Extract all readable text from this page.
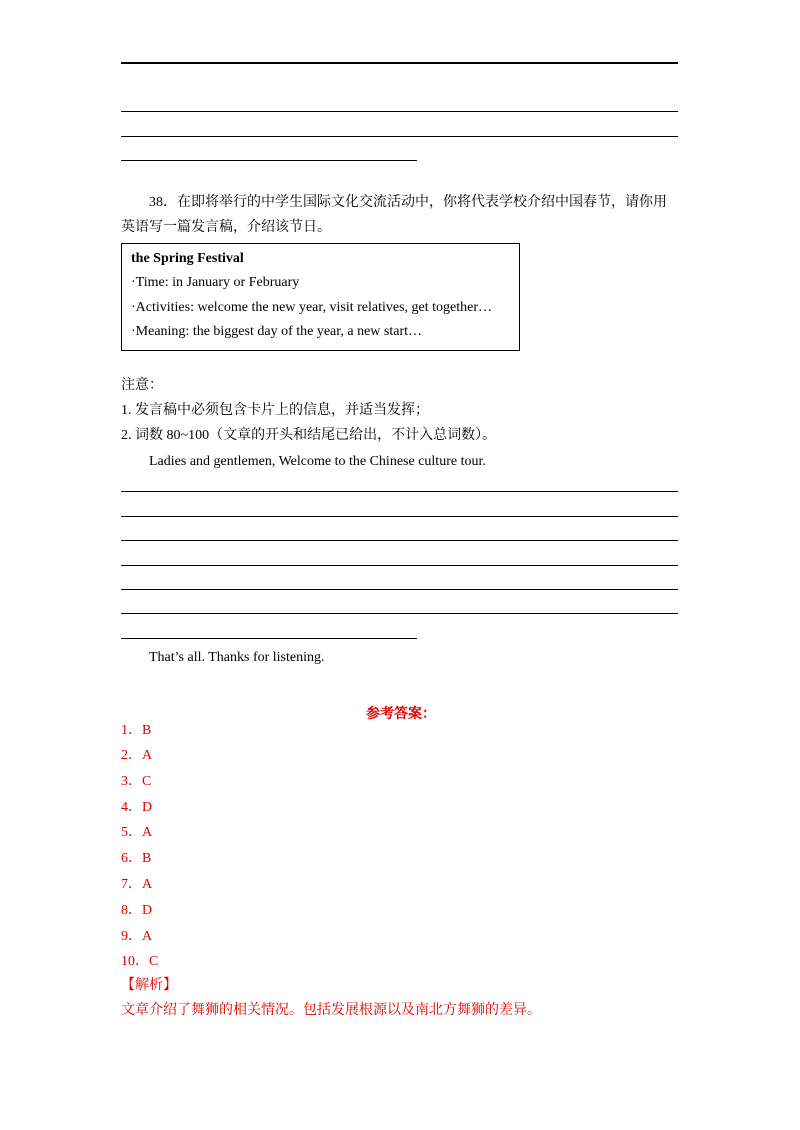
38．在即将举行的中学生国际文化交流活动中，你将代表学校介绍中国春节，请你用
英语写一篇发言稿，介绍该节日。
the Spring Festival
·Time: in January or February
·Activities: welcome the new year, visit relatives, get together…
·Meaning: the biggest day of the year, a new start…
注意：
1. 发言稿中必须包含卡片上的信息，并适当发挥；
2. 词数 80~100（文章的开头和结尾已给出，不计入总词数）。
Ladies and gentlemen, Welcome to the Chinese culture tour.
That’s all. Thanks for listening.
参考答案：
1．B
2．A
3．C
4．D
5．A
6．B
7．A
8．D
9．A
10．C
【解析】
文章介绍了舞狮的相关情况。包括发展根源以及南北方舞狮的差异。
